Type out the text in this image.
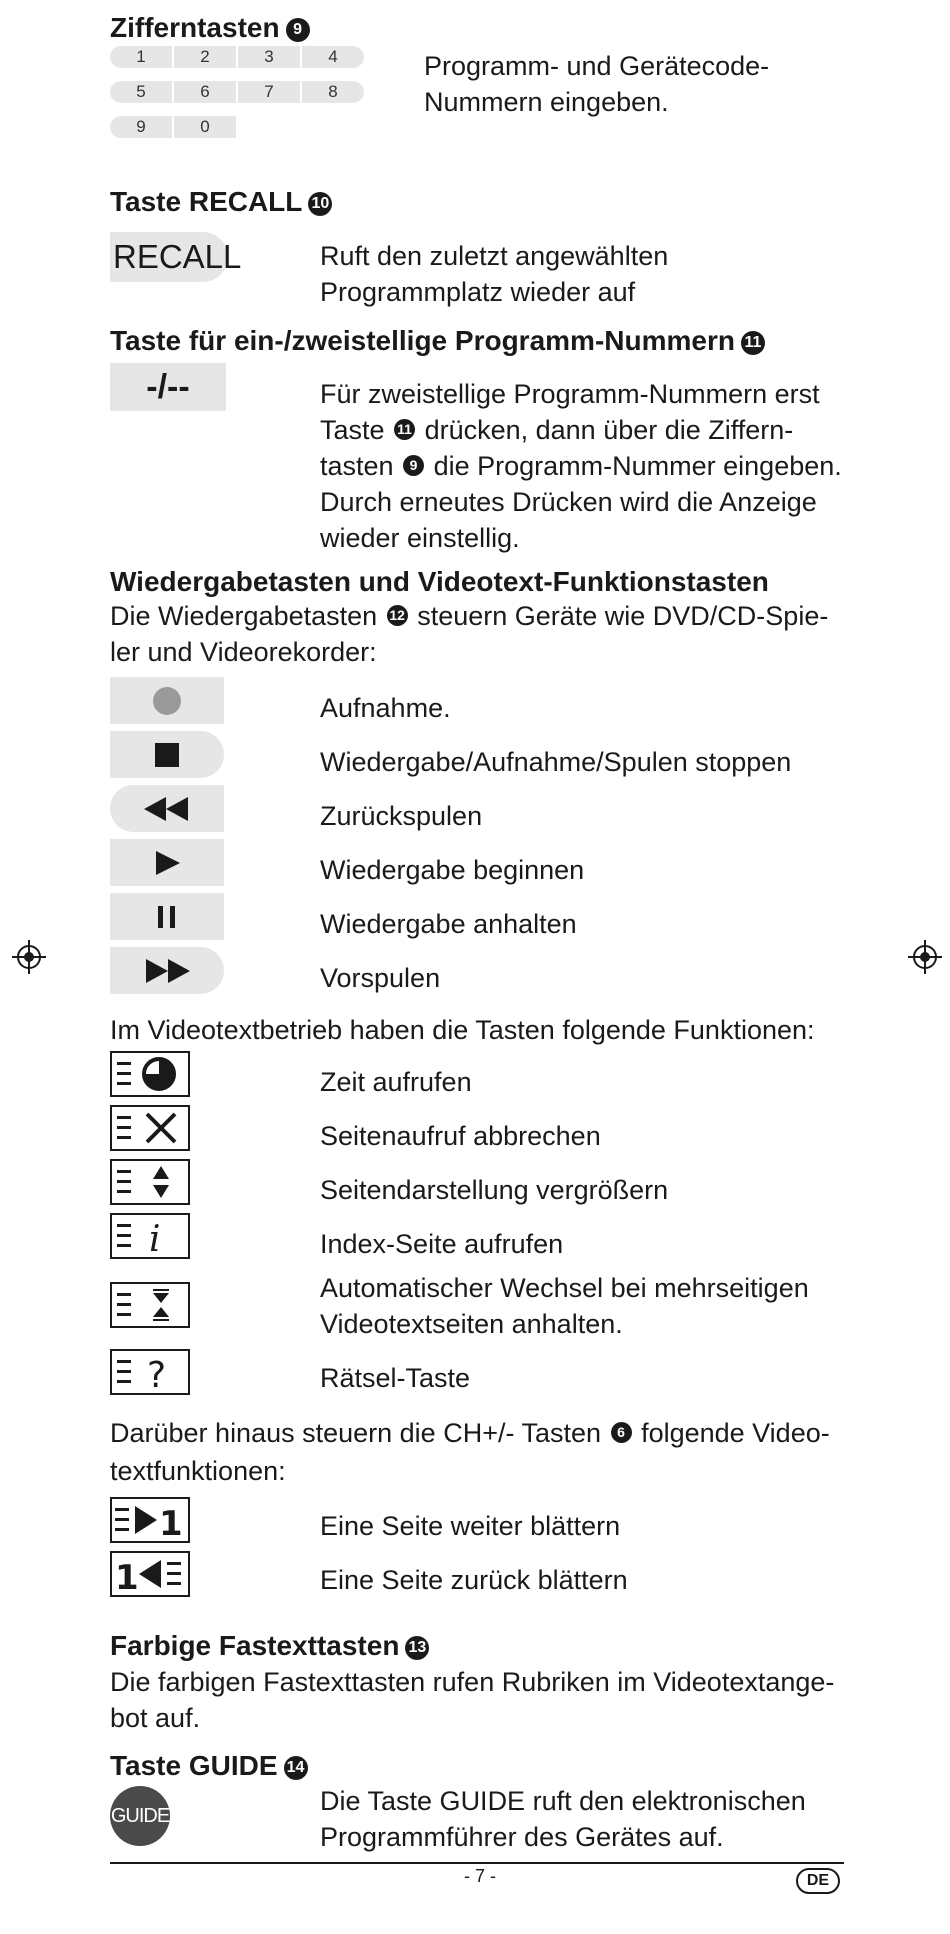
Zifferntasten 9
1	2	3	4
5	6	7	8
9	0
Programm- und Gerätecode-
Nummern eingeben.
Taste RECALL 10
RECALL	Ruft den zuletzt angewählten
Programmplatz wieder auf
Taste für ein-/zweistellige Programm-Nummern 11
-/--	Für zweistellige Programm-Nummern erst
Taste 11 drücken, dann über die Ziffern-
tasten 9 die Programm-Nummer eingeben.
Durch erneutes Drücken wird die Anzeige
wieder einstellig.
Wiedergabetasten und Videotext-Funktionstasten
Die Wiedergabetasten 12 steuern Geräte wie DVD/CD-Spie-
ler und Videorekorder:
Aufnahme.
Wiedergabe/Aufnahme/Spulen stoppen
Zurückspulen
Wiedergabe beginnen
Wiedergabe anhalten
Vorspulen
Im Videotextbetrieb haben die Tasten folgende Funktionen:
Zeit aufrufen
Seitenaufruf abbrechen
Seitendarstellung vergrößern
i	Index-Seite aufrufen
Automatischer Wechsel bei mehrseitigen
Videotextseiten anhalten.
?	Rätsel-Taste
Darüber hinaus steuern die CH+/- Tasten 6 folgende Video-
textfunktionen:
1	Eine Seite weiter blättern
1	Eine Seite zurück blättern
Farbige Fastexttasten 13
Die farbigen Fastexttasten rufen Rubriken im Videotextange-
bot auf.
Taste GUIDE 14
GUIDE	Die Taste GUIDE ruft den elektronischen
Programmführer des Gerätes auf.
- 7 -	DE
